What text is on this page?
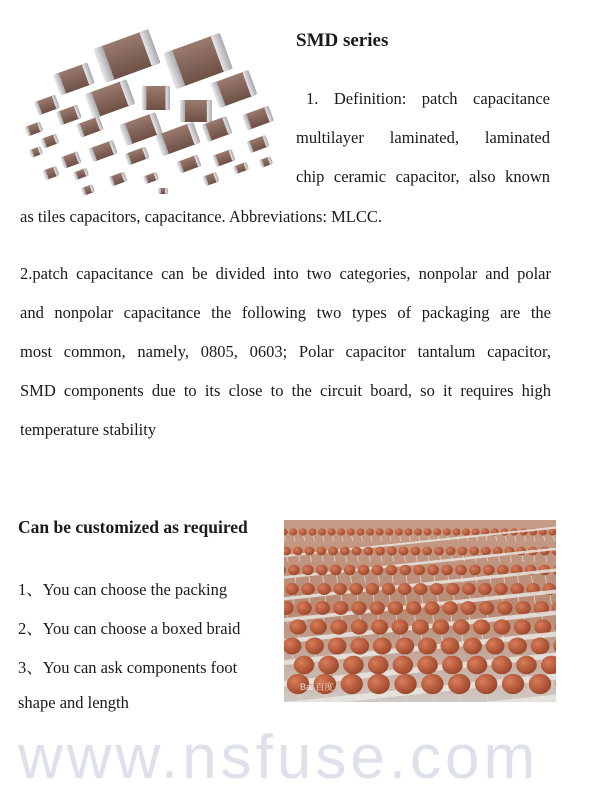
SMD series
1. Definition: patch capacitance
multilayer laminated, laminated
chip ceramic capacitor, also known
as tiles capacitors, capacitance. Abbreviations: MLCC.
2.patch capacitance can be divided into two categories, nonpolar and polar
and nonpolar capacitance the following two types of packaging are the
most common, namely, 0805, 0603; Polar capacitor tantalum capacitor,
SMD components due to its close to the circuit board, so it requires high
temperature stability
Can be customized as required
1、You can choose the packing
2、You can choose a boxed braid
3、You can ask components foot
shape and length
Bai 百度
www.nsfuse.com
